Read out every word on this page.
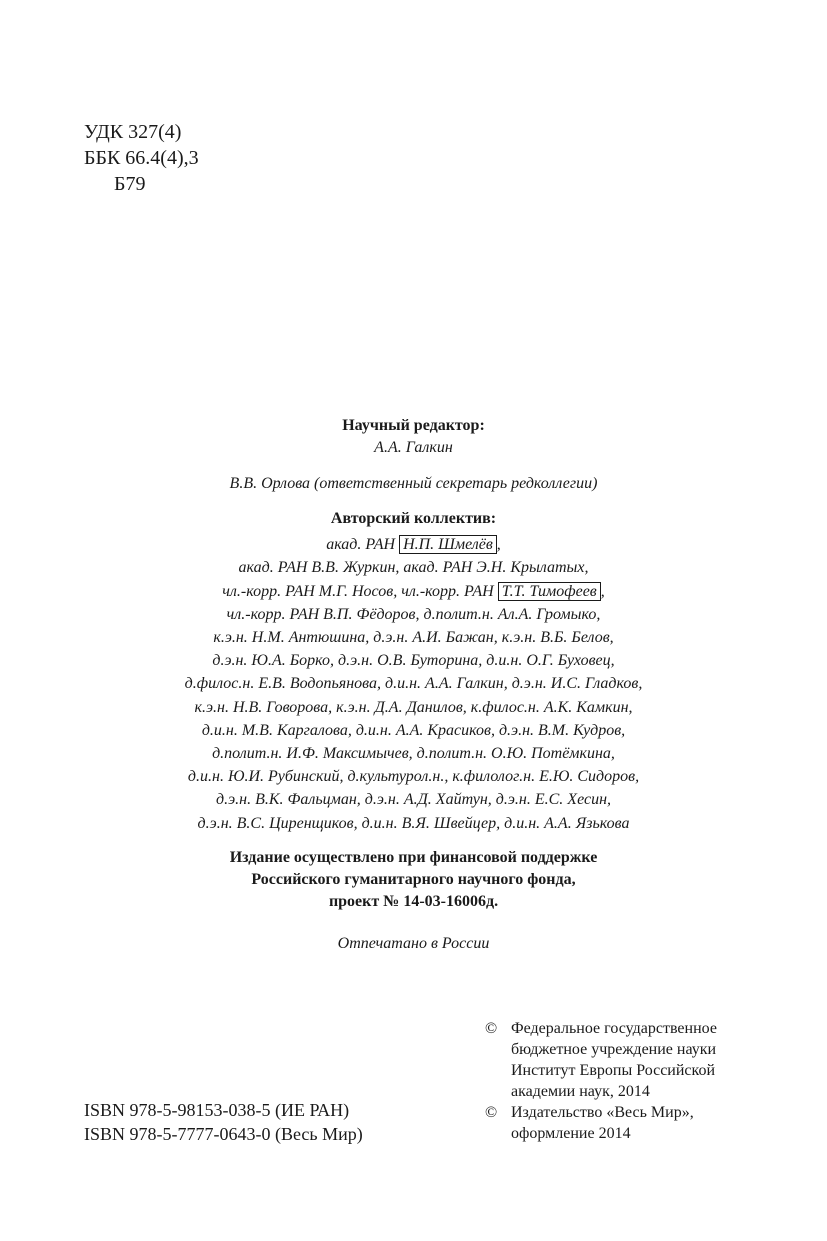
УДК 327(4)
ББК 66.4(4),3
Б79
Научный редактор:
А.А. Галкин
В.В. Орлова (ответственный секретарь редколлегии)
Авторский коллектив:
акад. РАН Н.П. Шмелёв ,
акад. РАН В.В. Журкин, акад. РАН Э.Н. Крылатых,
чл.-корр. РАН М.Г. Носов, чл.-корр. РАН Т.Т. Тимофеев ,
чл.-корр. РАН В.П. Фёдоров, д.полит.н. Ал.А. Громыко,
к.э.н. Н.М. Антюшина, д.э.н. А.И. Бажан, к.э.н. В.Б. Белов,
д.э.н. Ю.А. Борко, д.э.н. О.В. Буторина, д.и.н. О.Г. Буховец,
д.филос.н. Е.В. Водопьянова, д.и.н. А.А. Галкин, д.э.н. И.С. Гладков,
к.э.н. Н.В. Говорова, к.э.н. Д.А. Данилов, к.филос.н. А.К. Камкин,
д.и.н. М.В. Каргалова, д.и.н. А.А. Красиков, д.э.н. В.М. Кудров,
д.полит.н. И.Ф. Максимычев, д.полит.н. О.Ю. Потёмкина,
д.и.н. Ю.И. Рубинский, д.культурол.н., к.филолог.н. Е.Ю. Сидоров,
д.э.н. В.К. Фальцман, д.э.н. А.Д. Хайтун, д.э.н. Е.С. Хесин,
д.э.н. В.С. Циренщиков, д.и.н. В.Я. Швейцер, д.и.н. А.А. Язькова
Издание осуществлено при финансовой поддержке
Российского гуманитарного научного фонда,
проект № 14-03-16006д.
Отпечатано в России
© Федеральное государственное
бюджетное учреждение науки
Институт Европы Российской
академии наук, 2014
© Издательство «Весь Мир»,
оформление 2014
ISBN 978-5-98153-038-5 (ИЕ РАН)
ISBN 978-5-7777-0643-0 (Весь Мир)
